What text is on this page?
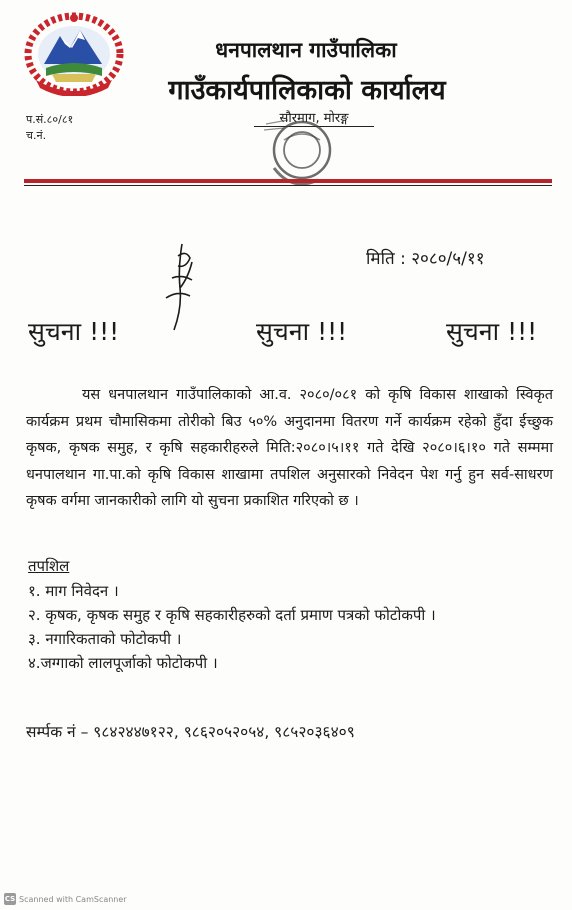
धनपालथान गाउँपालिका
गाउँकार्यपालिकाको कार्यालय
प.सं.८०/८१
च.नं.
सौरमाग, मोरङ्ग
मिति : २०८०/५/११
सुचना !!!	सुचना !!!	सुचना !!!
यस धनपालथान गाउँपालिकाको आ.व. २०८०/०८१ को कृषि विकास शाखाको स्विकृत कार्यक्रम प्रथम चौमासिकमा तोरीको बिउ ५०% अनुदानमा वितरण गर्ने कार्यक्रम रहेको हुँदा ईच्छुक कृषक, कृषक समुह, र कृषि सहकारीहरुले मिति:२०८०।५।११ गते देखि २०८०।६।१० गते सम्ममा धनपालथान गा.पा.को कृषि विकास शाखामा तपशिल अनुसारको निवेदन पेश गर्नु हुन सर्व-साधरण कृषक वर्गमा जानकारीको लागि यो सुचना प्रकाशित गरिएको छ ।
तपशिल
१. माग निवेदन ।
२. कृषक, कृषक समुह र कृषि सहकारीहरुको दर्ता प्रमाण पत्रको फोटोकपी ।
३. नगारिकताको फोटोकपी ।
४.जग्गाको लालपूर्जाको फोटोकपी ।
सर्म्पक नं – ९८४२४४७१२२, ९८६२०५२०५४, ९८५२०३६४०९
CS Scanned with CamScanner
